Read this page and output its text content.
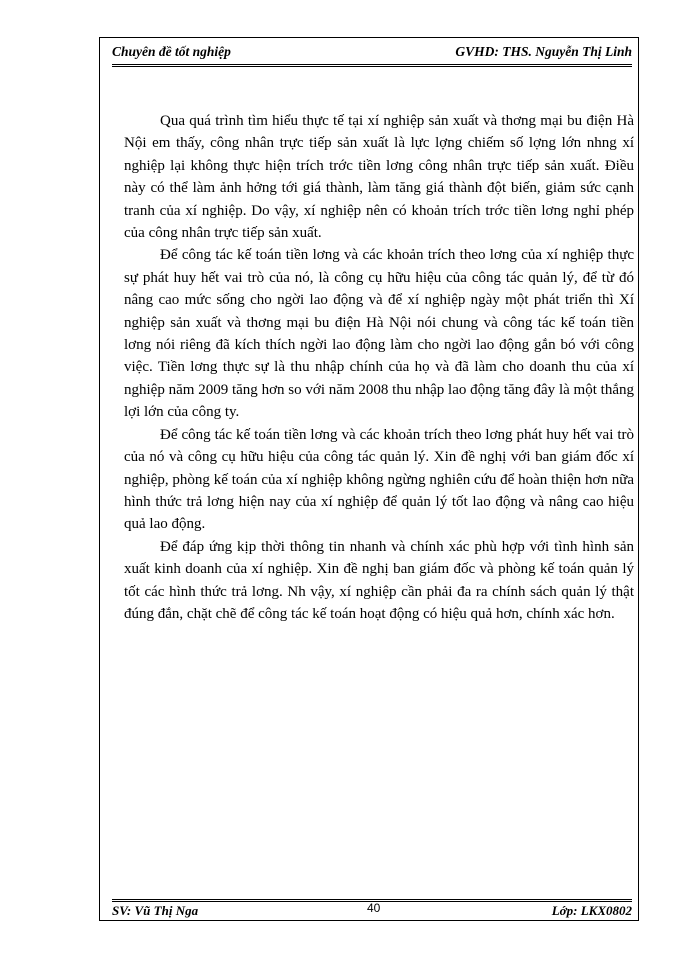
Chuyên đề tốt nghiệp	GVHD: THS. Nguyễn Thị Linh

Qua quá trình tìm hiểu thực tế tại xí nghiệp sản xuất và thơng mại bu điện Hà Nội em thấy, công nhân trực tiếp sản xuất là lực lợng chiếm số lợng lớn nhng xí nghiệp lại không thực hiện trích trớc tiền lơng công nhân trực tiếp sản xuất. Điều này có thể làm ảnh hởng tới giá thành, làm tăng giá thành đột biến, giảm sức cạnh tranh của xí nghiệp. Do vậy, xí nghiệp nên có khoản trích trớc tiền lơng nghỉ phép của công nhân trực tiếp sản xuất.

Để công tác kế toán tiền lơng và các khoản trích theo lơng của xí nghiệp thực sự phát huy hết vai trò của nó, là công cụ hữu hiệu của công tác quản lý, để từ đó nâng cao mức sống cho ngời lao động và để xí nghiệp ngày một phát triển thì Xí nghiệp sản xuất và thơng mại bu điện Hà Nội nói chung và công tác kế toán tiền lơng nói riêng đã kích thích ngời lao động làm cho ngời lao động gắn bó với công việc. Tiền lơng thực sự là thu nhập chính của họ và đã làm cho doanh thu của xí nghiệp năm 2009 tăng hơn so với năm 2008 thu nhập lao động tăng đây là một thắng lợi lớn của công ty.

Để công tác kế toán tiền lơng và các khoản trích theo lơng phát huy hết vai trò của nó và công cụ hữu hiệu của công tác quản lý. Xin đề nghị với ban giám đốc xí nghiệp, phòng kế toán của xí nghiệp không ngừng nghiên cứu để hoàn thiện hơn nữa hình thức trả lơng hiện nay của xí nghiệp để quản lý tốt lao động và nâng cao hiệu quả lao động.

Để đáp ứng kịp thời thông tin nhanh và chính xác phù hợp với tình hình sản xuất kinh doanh của xí nghiệp. Xin đề nghị ban giám đốc và phòng kế toán quản lý tốt các hình thức trả lơng. Nh vậy, xí nghiệp cần phải đa ra chính sách quản lý thật đúng đắn, chặt chẽ để công tác kế toán hoạt động có hiệu quả hơn, chính xác hơn.

SV: Vũ Thị Nga	40	Lớp: LKX0802
